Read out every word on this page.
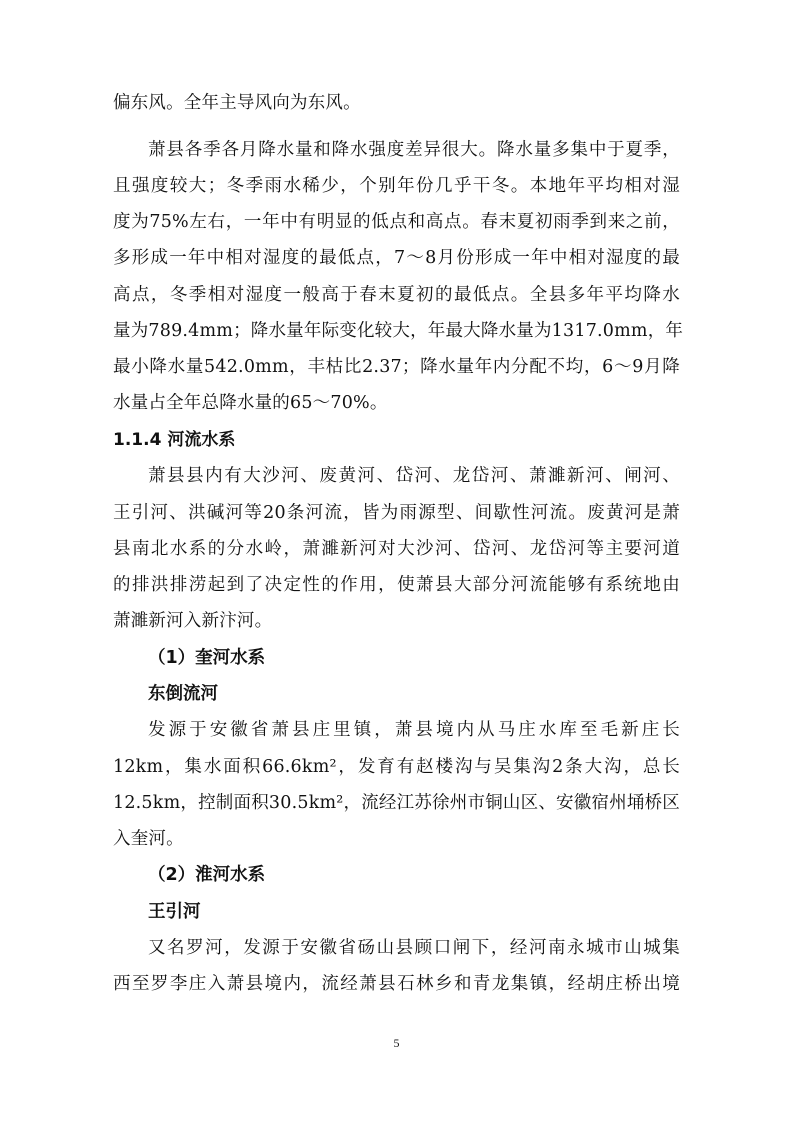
偏东风。全年主导风向为东风。
萧县各季各月降水量和降水强度差异很大。降水量多集中于夏季，
且强度较大；冬季雨水稀少，个别年份几乎干冬。本地年平均相对湿
度为75%左右，一年中有明显的低点和高点。春末夏初雨季到来之前，
多形成一年中相对湿度的最低点，7～8月份形成一年中相对湿度的最
高点，冬季相对湿度一般高于春末夏初的最低点。全县多年平均降水
量为789.4mm；降水量年际变化较大，年最大降水量为1317.0mm，年
最小降水量542.0mm，丰枯比2.37；降水量年内分配不均，6～9月降
水量占全年总降水量的65～70%。
1.1.4 河流水系
萧县县内有大沙河、废黄河、岱河、龙岱河、萧濉新河、闸河、
王引河、洪碱河等20条河流，皆为雨源型、间歇性河流。废黄河是萧
县南北水系的分水岭，萧濉新河对大沙河、岱河、龙岱河等主要河道
的排洪排涝起到了决定性的作用，使萧县大部分河流能够有系统地由
萧濉新河入新汴河。
（1）奎河水系
东倒流河
发源于安徽省萧县庄里镇，萧县境内从马庄水库至毛新庄长
12km，集水面积66.6km²，发育有赵楼沟与吴集沟2条大沟，总长
12.5km，控制面积30.5km²，流经江苏徐州市铜山区、安徽宿州埇桥区
入奎河。
（2）淮河水系
王引河
又名罗河，发源于安徽省砀山县顾口闸下，经河南永城市山城集
西至罗李庄入萧县境内，流经萧县石林乡和青龙集镇，经胡庄桥出境
5
